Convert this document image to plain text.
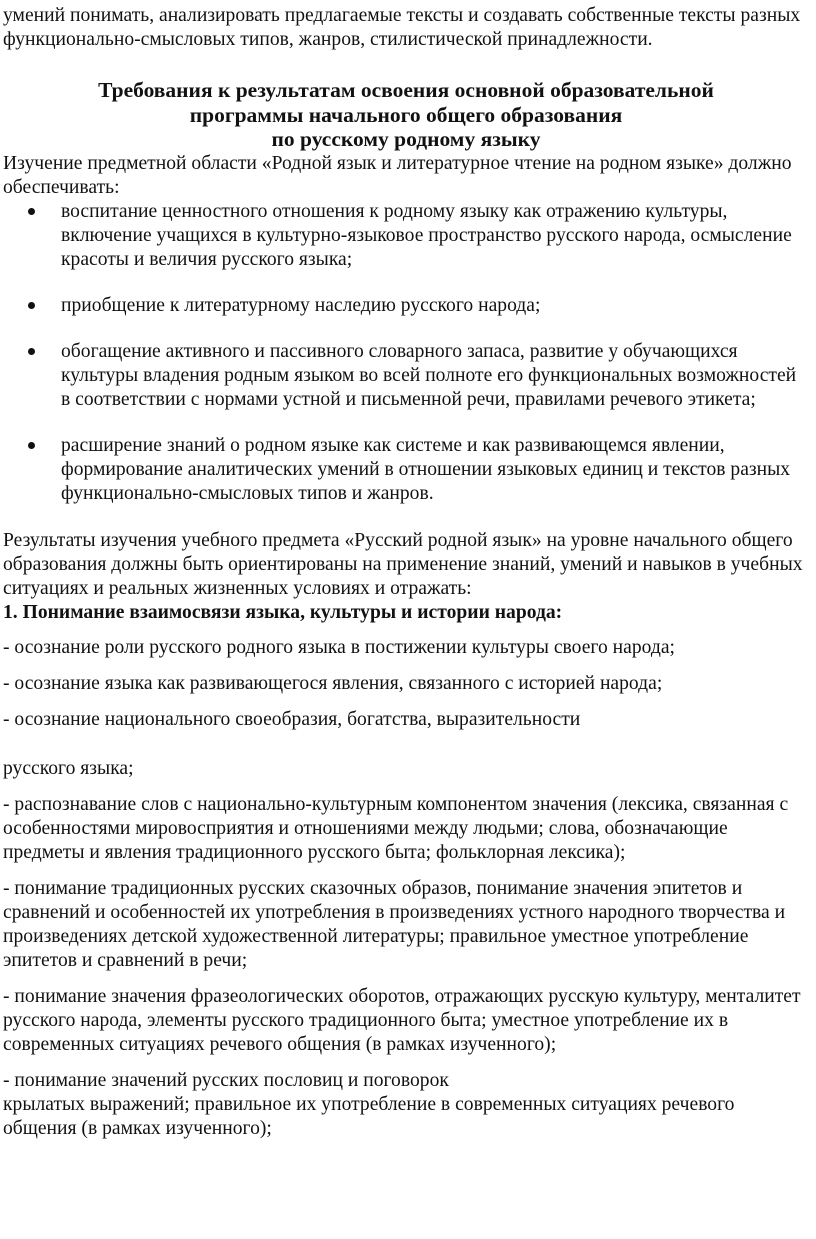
умений понимать, анализировать предлагаемые тексты и создавать собственные тексты разных функционально-смысловых типов, жанров, стилистической принадлежности.

Требования к результатам освоения основной образовательной
программы начального общего образования
по русскому родному языку

Изучение предметной области «Родной язык и литературное чтение на родном языке» должно обеспечивать:

воспитание ценностного отношения к родному языку как отражению культуры, включение учащихся в культурно-языковое пространство русского народа, осмысление красоты и величия русского языка;
приобщение к литературному наследию русского народа;
обогащение активного и пассивного словарного запаса, развитие у обучающихся культуры владения родным языком во всей полноте его функциональных возможностей в соответствии с нормами устной и письменной речи, правилами речевого этикета;
расширение знаний о родном языке как системе и как развивающемся явлении, формирование аналитических умений в отношении языковых единиц и текстов разных функционально-смысловых типов и жанров.

Результаты изучения учебного предмета «Русский родной язык» на уровне начального общего образования должны быть ориентированы на применение знаний, умений и навыков в учебных ситуациях и реальных жизненных условиях и отражать:

1. Понимание взаимосвязи языка, культуры и истории народа:

- осознание роли русского родного языка в постижении культуры своего народа;

- осознание языка как развивающегося явления, связанного с историей народа;

- осознание национального своеобразия, богатства, выразительности

русского языка;

- распознавание слов с национально-культурным компонентом значения (лексика, связанная с особенностями мировосприятия и отношениями между людьми; слова, обозначающие предметы и явления традиционного русского быта; фольклорная лексика);

- понимание традиционных русских сказочных образов, понимание значения эпитетов и сравнений и особенностей их употребления в произведениях устного народного творчества и произведениях детской художественной литературы; правильное уместное употребление эпитетов и сравнений в речи;

- понимание значения фразеологических оборотов, отражающих русскую культуру, менталитет русского народа, элементы русского традиционного быта; уместное употребление их в современных ситуациях речевого общения (в рамках изученного);

- понимание значений русских пословиц и поговорок

крылатых выражений; правильное их употребление в современных ситуациях речевого общения (в рамках изученного);
